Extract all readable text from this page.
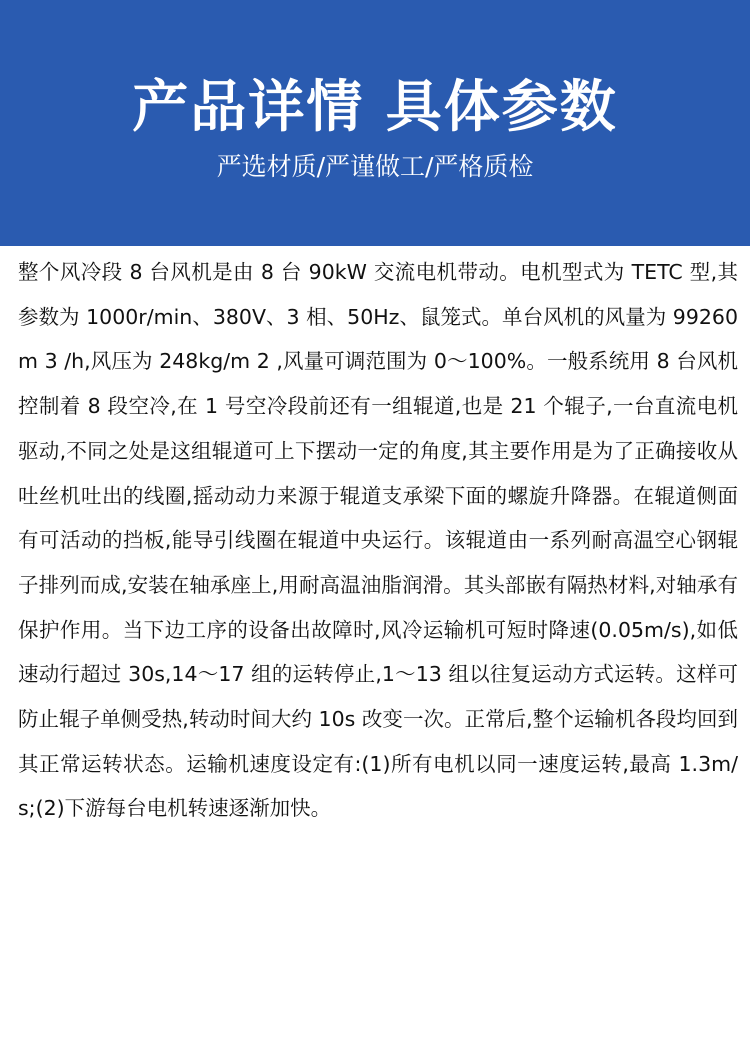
产品详情 具体参数
严选材质/严谨做工/严格质检

整个风冷段 8 台风机是由 8 台 90kW 交流电机带动。电机型式为 TETC 型,其参数为 1000r/min、380V、3 相、50Hz、鼠笼式。单台风机的风量为 99260m 3 /h,风压为 248kg/m 2 ,风量可调范围为 0～100%。一般系统用 8 台风机控制着 8 段空冷,在 1 号空冷段前还有一组辊道,也是 21 个辊子,一台直流电机驱动,不同之处是这组辊道可上下摆动一定的角度,其主要作用是为了正确接收从吐丝机吐出的线圈,摇动动力来源于辊道支承梁下面的螺旋升降器。在辊道侧面有可活动的挡板,能导引线圈在辊道中央运行。该辊道由一系列耐高温空心钢辊子排列而成,安装在轴承座上,用耐高温油脂润滑。其头部嵌有隔热材料,对轴承有保护作用。当下边工序的设备出故障时,风冷运输机可短时降速(0.05m/s),如低速动行超过 30s,14～17 组的运转停止,1～13 组以往复运动方式运转。这样可防止辊子单侧受热,转动时间大约 10s 改变一次。正常后,整个运输机各段均回到其正常运转状态。运输机速度设定有:(1)所有电机以同一速度运转,最高 1.3m/s;(2)下游每台电机转速逐渐加快。
